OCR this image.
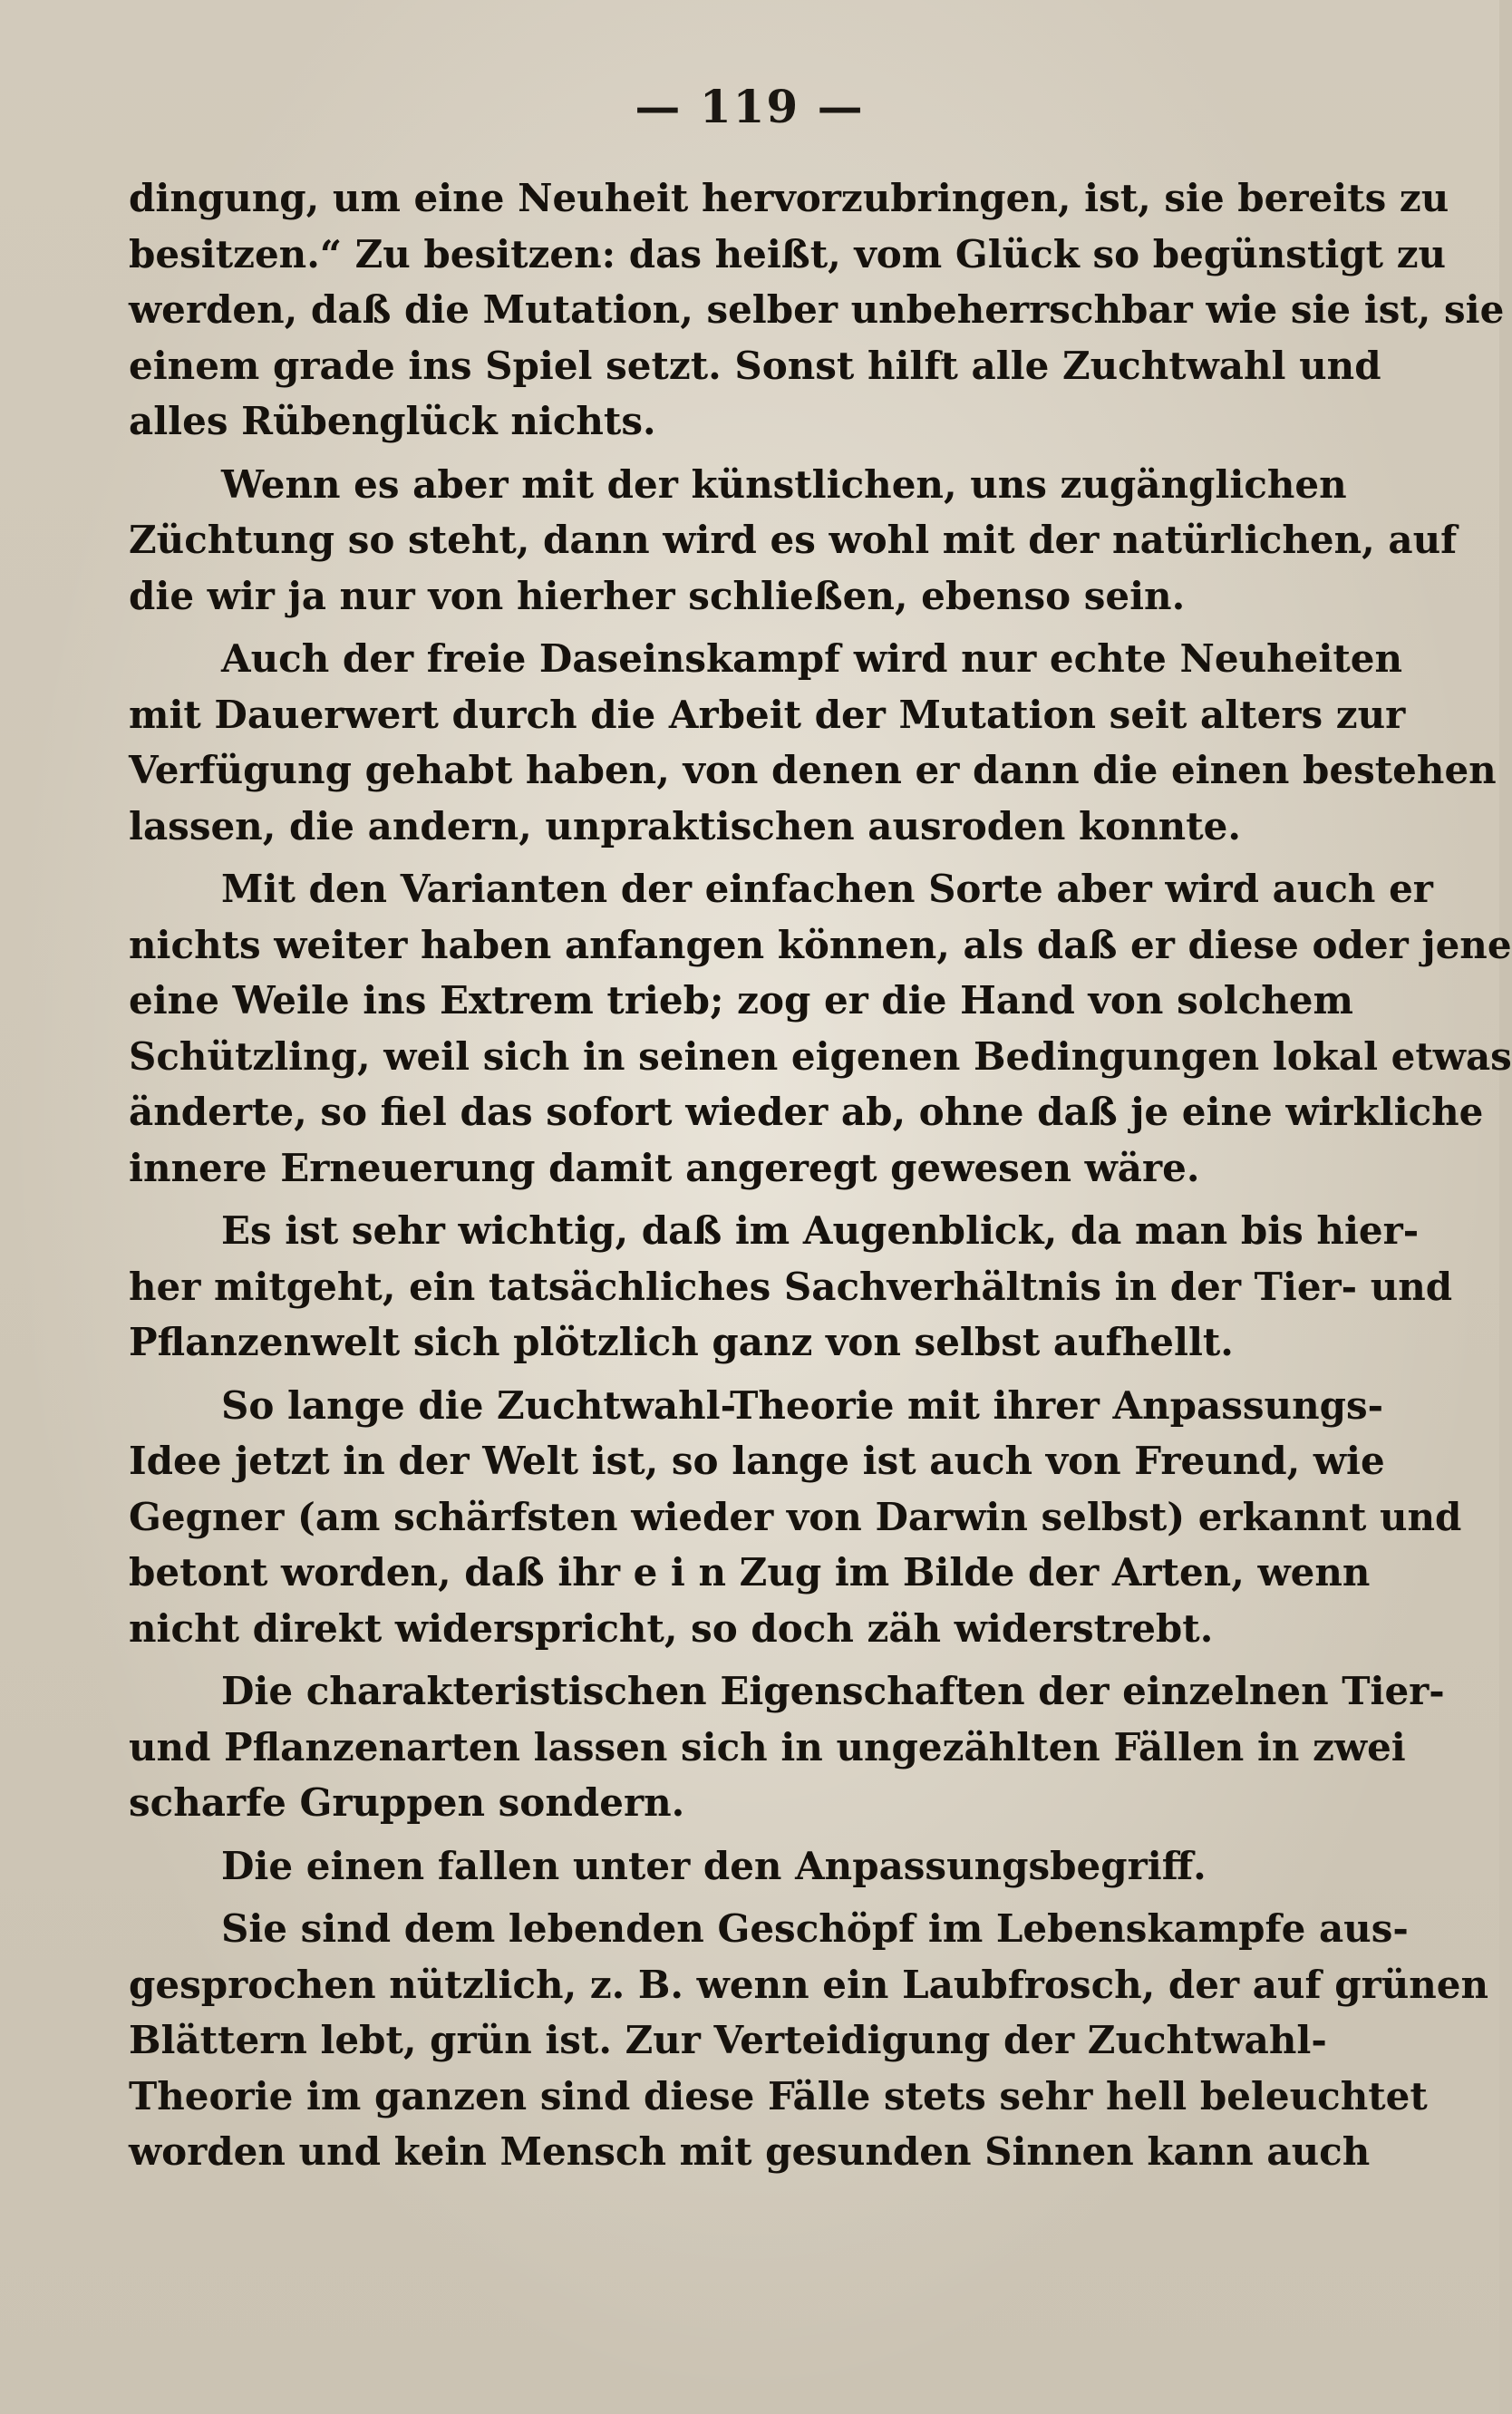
— 119 —
dingung, um eine Neuheit hervorzubringen, ist, sie bereits zu
besitzen.“ Zu besitzen: das heißt, vom Glück so begünstigt zu
werden, daß die Mutation, selber unbeherrschbar wie sie ist, sie
einem grade ins Spiel setzt. Sonst hilft alle Zuchtwahl und
alles Rübenglück nichts.
Wenn es aber mit der künstlichen, uns zugänglichen
Züchtung so steht, dann wird es wohl mit der natürlichen, auf
die wir ja nur von hierher schließen, ebenso sein.
Auch der freie Daseinskampf wird nur echte Neuheiten
mit Dauerwert durch die Arbeit der Mutation seit alters zur
Verfügung gehabt haben, von denen er dann die einen bestehen
lassen, die andern, unpraktischen ausroden konnte.
Mit den Varianten der einfachen Sorte aber wird auch er
nichts weiter haben anfangen können, als daß er diese oder jene
eine Weile ins Extrem trieb; zog er die Hand von solchem
Schützling, weil sich in seinen eigenen Bedingungen lokal etwas
änderte, so fiel das sofort wieder ab, ohne daß je eine wirkliche
innere Erneuerung damit angeregt gewesen wäre.
Es ist sehr wichtig, daß im Augenblick, da man bis hier-
her mitgeht, ein tatsächliches Sachverhältnis in der Tier- und
Pflanzenwelt sich plötzlich ganz von selbst aufhellt.
So lange die Zuchtwahl-Theorie mit ihrer Anpassungs-
Idee jetzt in der Welt ist, so lange ist auch von Freund, wie
Gegner (am schärfsten wieder von Darwin selbst) erkannt und
betont worden, daß ihr e i n Zug im Bilde der Arten, wenn
nicht direkt widerspricht, so doch zäh widerstrebt.
Die charakteristischen Eigenschaften der einzelnen Tier-
und Pflanzenarten lassen sich in ungezählten Fällen in zwei
scharfe Gruppen sondern.
Die einen fallen unter den Anpassungsbegriff.
Sie sind dem lebenden Geschöpf im Lebenskampfe aus-
gesprochen nützlich, z. B. wenn ein Laubfrosch, der auf grünen
Blättern lebt, grün ist. Zur Verteidigung der Zuchtwahl-
Theorie im ganzen sind diese Fälle stets sehr hell beleuchtet
worden und kein Mensch mit gesunden Sinnen kann auch
